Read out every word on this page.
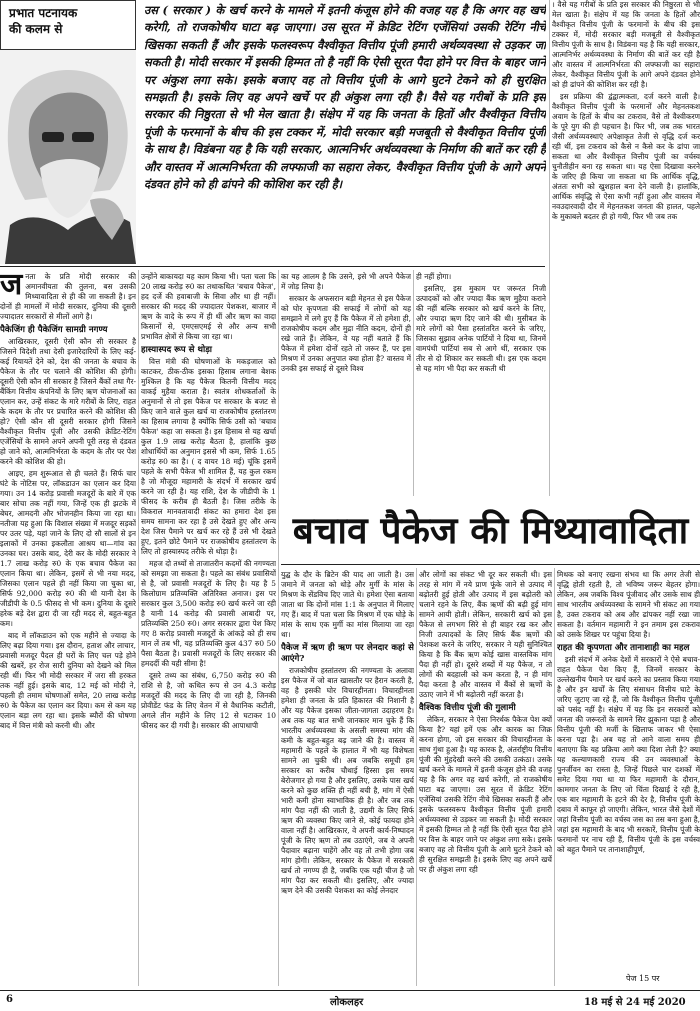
प्रभात पटनायक
की कलम से
उस ( सरकार ) के खर्च करने के मामले में इतनी कंजूस होने की वजह यह है कि अगर वह खर्च करेगी, तो राजकोषीय घाटा बढ़ जाएगा। उस सूरत में क्रेडिट रेटिंग एजेंसियां उसकी रेटिंग नीचे खिसका सकती हैं और इसके फलस्वरूप वैश्वीकृत वित्तीय पूंजी हमारी अर्थव्यवस्था से उड़कर जा सकती है। मोदी सरकार में इसकी हिम्मत तो है नहीं कि ऐसी सूरत पैदा होने पर वित्त के बाहर जाने पर अंकुश लगा सके। इसके बजाए वह तो वित्तीय पूंजी के आगे घुटने टेकने को ही सुरक्षित समझती है। इसके लिए वह अपने खर्चे पर ही अंकुश लगा रही है। वैसे यह गरीबों के प्रति इस सरकार की निष्ठुरता से भी मेल खाता है। संक्षेप में यह कि जनता के हितों और वैश्वीकृत वित्तीय पूंजी के फरमानों के बीच की इस टक्कर में, मोदी सरकार बड़ी मजबूती से वैश्वीकृत वित्तीय पूंजी के साथ है। विडंबना यह है कि यही सरकार, आत्मनिर्भर अर्थव्यवस्था के निर्माण की बातें कर रही है और वास्तव में आत्मनिर्भरता की लफ्फाजी का सहारा लेकर, वैश्वीकृत वित्तीय पूंजी के आगे अपने दंडवत होने को ही ढांपने की कोशिश कर रही है।

। वैसे यह गरीबों के प्रति इस सरकार की निष्ठुरता से भी मेल खाता है। संक्षेप में यह कि जनता के हितों और वैश्वीकृत वित्तीय पूंजी के फरमानों के बीच की इस टक्कर में, मोदी सरकार बड़ी मजबूती से वैश्वीकृत वित्तीय पूंजी के साथ है। विडंबना यह है कि यही सरकार, आत्मनिर्भर अर्थव्यवस्था के निर्माण की बातें कर रही है और वास्तव में आत्मनिर्भरता की लफ्फाजी का सहारा लेकर, वैश्वीकृत वित्तीय पूंजी के आगे अपने दंडवत होने को ही ढांपने की कोशिश कर रही है।

इस प्रक्रिया की द्वंद्वात्मकता, दर्ज करने वाली है। वैश्वीकृत वित्तीय पूंजी के फरमानों और मेहनतकश अवाम के हितों के बीच का टकराव, वैसे तो वैश्वीकरण के पूरे युग की ही पहचान है। फिर भी, जब तक भारत जैसी अर्थव्यवस्थाएं अपेक्षाकृत तेजी से वृद्धि दर्ज कर रही थीं, इस टकराव को कैसे न कैसे कर के ढांपा जा सकता था और वैश्वीकृत वित्तीय पूंजी का वर्चस्व चुनौतीहीन बना रह सकता था। यह ऐसा दिखावा करने के जरिए ही किया जा सकता था कि आर्थिक वृद्धि, अंततः सभी को खुशहाल बना देने वाली है। हालांकि, आर्थिक संवृद्धि से ऐसा कभी नहीं हुआ और वास्तव में नवउदारवादी दौर में मेहनतकश जनता की हालत, पहले के मुकाबले बदतर ही हो गयी, फिर भी जब तक

ज नता के प्रति मोदी सरकार की अमानवीयता की तुलना, बस उसकी मिथ्यावादिता से ही की जा सकती है। इन दोनों ही मामलों में मोदी सरकार, दुनिया की दूसरी ज्यादातर सरकारों से मीलों आगे है।

पैकेजिंग ही पैकेजिंग सामग्री नगण्य

आखिरकार, दूसरी ऐसी कौन सी सरकार है जिसने विदेशी तथा देसी इजारेदारियों के लिए कई-कई रियायतें देने को, देश की जनता के बचाव के पैकेज के तौर पर चलाने की कोशिश की होगी। दूसरी ऐसी कौन सी सरकार है जिसने बैंकों तथा गैर-बैंकिंग वित्तीय कंपनियों के लिए ऋण योजनाओं का एलान कर, उन्हें संकट के मारे गरीबों के लिए, राहत के कदम के तौर पर प्रचारित करने की कोशिश की हो? ऐसी कौन सी दूसरी सरकार होगी जिसने वैश्वीकृत वित्तीय पूंजी और उसकी क्रेडिट-रेटिंग एजेंसियों के सामने अपने अपनी पूरी तरह से दंडवत हो जाने को, आत्मनिर्भरता के कदम के तौर पर पेश करने की कोशिश की हो।

आइए, हम शुरूआत से ही चलते हैं। सिर्फ चार घंटे के नोटिस पर, लॉकडाउन का एलान कर दिया गया। उन 14 करोड़ प्रवासी मजदूरों के बारे में एक बार सोचा तक नहीं गया, जिन्हें एक ही झटके में बेघर, आमदनी और भोजनहीन किया जा रहा था। नतीजा यह हुआ कि विशाल संख्या में मजदूर सड़कों पर उतर पड़े, यहां जाने के लिए दो सौ सालों से इन इलाकों में उनका इकलौता आश्रय था—गांव का उनका घर। उसके बाद, देरी कर के मोदी सरकार ने 1.7 लाख करोड़ रु0 के एक बचाव पैकेज का एलान किया था। लेकिन, इसमें से भी नया मदद, जिसका एलान पहले ही नहीं किया जा चुका था, सिर्फ 92,000 करोड़ रु0 की थी यानी देश के जीडीपी के 0.5 फीसद से भी कम। दुनिया के दूसरे हरेक बड़े देश द्वारा दी जा रही मदद से, बहुत-बहुत कम।

बाद में लॉकडाउन को एक महीने से ज्यादा के लिए बढ़ा दिया गया। इस दौरान, हताश और लाचार, प्रवासी मजदूर पैदल ही घरों के लिए चल पड़े होने की खबरें, हर रोज सारी दुनिया को देखने को मिल रही थीं। फिर भी मोदी सरकार में जरा सी हरकत तक नहीं हुई। इसके बाद, 12 मई को मोदी ने, पहली ही तमाम घोषणाओं समेत, 20 लाख करोड़ रु0 के पैकेज का एलान कर दिया। कम से कम यह एलान बड़ा लग रहा था। इसके ब्यौरों की घोषणा बाद में वित्त मंत्री को करनी थी। और

उन्होंने बाकायदा यह काम किया भी। पता चला कि 20 लाख करोड़ रु0 का तथाकथित 'बचाव पैकेज', हद दर्जे की हवाबाजी के सिवा और था ही नहीं। सरकार की मदद की ज्यादातर पेशकश, बाजार में ऋण के वादे के रूप में ही थीं और ऋण का वादा किसानों से, एमएसएमई से और अन्य सभी प्रभावित क्षेत्रों से किया जा रहा था।

हास्यास्पद रूप से थोड़ा

वित्त मंत्री की घोषणाओं के मकड़जाल को काटकर, ठीक-ठीक इसका हिसाब लगाना बेशक मुश्किल है कि यह पैकेज कितनी वित्तीय मदद वाकई मुहैया कराता है। स्वतंत्र शोधकर्ताओं के अनुमानों से तो इस पैकेज पर सरकार के बजट से किए जाने वाले कुल खर्च या राजकोषीय हस्तांतरण का हिसाब लगाया है क्योंकि सिर्फ उसी को 'बचाव पैकेज' कहा जा सकता है। इस हिसाब से यह खर्चा कुल 1.9 लाख करोड़ बैठता है, हालांकि कुछ शोधार्थियों का अनुमान इससे भी कम, सिर्फ 1.65 करोड़ रु0 का है। ( द वायर 18 मई) चूंकि इसमें पहले के सभी पैकेज भी शामिल हैं, यह कुल रकम है जो मौजूदा महामारी के संदर्भ में सरकार खर्च करने जा रही है। यह राशि, देश के जीडीपी के 1 फीसद के करीब ही बैठती है। जिस तरीके के विकराल मानवतावादी संकट का हमारा देश इस समय सामना कर रहा है उसे देखते हुए और अन्य देश जिस पैमाने पर खर्च कर रहे हैं उसे भी देखते हुए, इतने छोटे पैमाने पर राजकोषीय हस्तांतरण के लिए तो हास्यास्पद तरीके से थोड़ा है।

महज दो तथ्यों से ताजातरीन कदमों की नगण्यता को समझा जा सकता है। पहले का संबंध प्रवासियों से है, जो प्रवासी मजदूरों के लिए है। यह है 5 किलोग्राम प्रतिव्यक्ति अतिरिक्त अनाज। इस पर सरकार कुल 3,500 करोड़ रु0 खर्च करने जा रही है यानी 14 करोड़ की प्रवासी आबादी पर, प्रतिव्यक्ति 250 रु0। अगर सरकार द्वारा पेश किए गए 8 करोड़ प्रवासी मजदूरों के आंकड़े को ही सच मान लें तब भी, यह प्रतिव्यक्ति कुल 437 रु0 50 पैसा बैठता है। प्रवासी मजदूरों के लिए सरकार की हमदर्दी की यही सीमा है!

दूसरे तथ्य का संबंध, 6,750 करोड़ रु0 की राशि से है, जो कथित रूप से उन 4.3 करोड़ मजदूरों की मदद के लिए दी जा रही है, जिनकी प्रोवीडेंट फंड के लिए वेतन में से वैधानिक कटौती, अगले तीन महीने के लिए 12 से घटाकर 10 फीसद कर दी गयी है। सरकार की आपाधापी

का यह आलम है कि उसने, इसे भी अपने पैकेज में जोड़ लिया है।

सरकार के अफसरान बड़ी मेहनत से इस पैकेज को घोर कृपणता की सफाई में लोगों को यह समझाने में लगे हुए हैं कि पैकेज में तो हमेशा ही, राजकोषीय कदम और मुद्रा नीति कदम, दोनों ही रखे जाते हैं। लेकिन, वे यह नहीं बताते हैं कि पैकेज में हमेशा दोनों रहते तो जरूर हैं, पर इस मिश्रण में उनका अनुपात क्या होता है? वास्तव में उनकी इस सफाई से दूसरे विश्व

ही नहीं होगा।

इसलिए, इस मुकाम पर जरूरत निजी उत्पादकों को और ज्यादा बैंक ऋण मुहैया कराने की नहीं बल्कि सरकार को खर्च करने के लिए, और ज्यादा ऋण दिए जाने की थी। मुसीबत के मारे लोगों को पैसा हस्तांतरित करने के जरिए, जिसका सुझाव अनेक पार्टियों ने दिया था, जिनमें वामपंथी पार्टियां सब से आगे थीं, सरकार एक तीर से दो शिकार कर सकती थी। इस एक कदम से यह मांग भी पैदा कर सकती थी

बचाव पैकेज की मिथ्यावादिता

युद्घ के दौर के ब्रिटेन की याद आ जाती है। उस जमाने में जनता को थोड़े और मुर्गी के मांस के मिश्रण के सेंडविच दिए जाते थे। हमेशा ऐसा बताया जाता था कि दोनों मांस 1:1 के अनुपात में मिलाए गए हैं। बाद में पता चला कि मिश्रण में एक घोड़े के मांस के साथ एक मुर्गी का मांस मिलाया जा रहा था।

पैकेज में ऋण ही ऋण पर लेनदार कहां से आएंगे?

राजकोषीय हस्तांतरण की नगण्यता के अलावा इस पैकेज में जो बात खासतौर पर हैरान करती है, वह है इसकी घोर विचारहीनता। विचारहीनता हमेशा ही जनता के प्रति हिकारत की निशानी है और यह पैकेज इसका जीता-जागता उदाहरण है। अब तक यह बात सभी जानकार मान चुके हैं कि भारतीय अर्थव्यवस्था के असली समस्या मांग की कमी के बहुत-बहुत बढ़ जाने की है। वास्तव में महामारी के पहले के हालात में भी यह विशेषता सामने आ चुकी थी। अब जबकि समूची हम सरकार का करीब चौथाई हिस्सा इस समय बेरोजगार हो गया है और इसलिए, उसके पास खर्च करने को कुछ शक्ति ही नहीं बची है, मांग में ऐसी भारी कमी होना स्वाभाविक ही है। और जब तक मांग पैदा नहीं की जाती है, उद्यमी के लिए सिर्फ ऋण की व्यवस्था किए जाने से, कोई फायदा होने वाला नहीं है। आखिरकार, वे अपनी कार्य-निष्पादन पूंजी के लिए ऋण तो तब उठाएंगे, जब वे अपनी पैदावार बढ़ाना चाहेंगे और वह तो तभी होगा जब मांग होगी। लेकिन, सरकार के पैकेज में सरकारी खर्च तो नगण्य ही है, जबकि एक यही चीज है जो मांग पैदा कर सकती थी। इसलिए, और ज्यादा ऋण देने की उसकी पेशकश का कोई लेनदार

और लोगों का संकट भी दूर कर सकती थी। इस तरह से मांग में नये प्राण फूंके जाने से उत्पाद में बढ़ोतरी हुई होती और उत्पाद में इस बढ़ोतरी को चलाने रहने के लिए, बैंक ऋणों की बढ़ी हुई मांग सामने आयी होती। लेकिन, सरकारी खर्च को इस पैकेज से लगभग सिरे से ही बाहर रख कर और निजी उत्पादकों के लिए सिर्फ बैंक ऋणों की पेशकश करने के जरिए, सरकार ने यही सुनिश्चित किया है कि बैंक ऋण कोई खास वास्तविक मांग पैदा ही नहीं हो। दूसरे शब्दों में यह पैकेज, न तो लोगों की बदहाली को कम करता है, न ही मांग पैदा करता है और वास्तव में बैंकों से ऋणों के उठाए जाने में भी बढ़ोतरी नहीं करता है।

वैश्विक वित्तीय पूंजी की गुलामी

लेकिन, सरकार ने ऐसा निरर्थक पैकेज पेश क्यों किया है? यहां हमें एक और कारक का जिक्र करना होगा, जो इस सरकार की विचारहीनता के साथ गुंथा हुआ है। यह कारक है, अंतर्राष्ट्रीय वित्तीय पूंजी की मुंहदेखी करने की उसकी उत्कंठा। उसके खर्च करने के मामले में इतनी कंजूस होने की वजह यह है कि अगर वह खर्च करेगी, तो राजकोषीय घाटा बढ़ जाएगा। उस सूरत में क्रेडिट रेटिंग एजेंसियां उसकी रेटिंग नीचे खिसका सकती हैं और इसके फलस्वरूप वैश्वीकृत वित्तीय पूंजी हमारी अर्थव्यवस्था से उड़कर जा सकती है। मोदी सरकार में इसकी हिम्मत तो है नहीं कि ऐसी सूरत पैदा होने पर वित्त के बाहर जाने पर अंकुश लगा सके। इसके बजाए वह तो वित्तीय पूंजी के आगे घुटने टेकने को ही सुरक्षित समझती है। इसके लिए वह अपने खर्चे पर ही अंकुश लगा रही

मिथक को बनाए रखना संभव था कि अगर तेजी से वृद्धि होती रहती है, तो भविष्य जरूर बेहतर होगा। लेकिन, अब जबकि विश्व पूंजीवाद और उसके साथ ही साथ भारतीय अर्थव्यवस्था के सामने भी संकट आ गया है, उक्त टकराव को अब और ढांपकर नहीं रखा जा सकता है। वर्तमान महामारी ने इन तमाम इस टकराव को उसके शिखर पर पहुंचा दिया है।

राहत की कृपणता और तानाशाही का महल

इसी संदर्भ में अनेक देशों में सरकारों ने ऐसे बचाव-राहत पैकेज पेश किए हैं, जिनमें सरकार के उल्लेखनीय पैमाने पर खर्च करने का प्रस्ताव किया गया है और इन खर्चों के लिए संसाधन वित्तीय घाटे के जरिए जुटाए जा रहे हैं, जो कि वैश्वीकृत वित्तीय पूंजी को पसंद नहीं है। संक्षेप में यह कि इन सरकारों को जनता की जरूरतों के सामने सिर झुकाना पड़ा है और वित्तीय पूंजी की मर्जी के खिलाफ जाकर भी ऐसा करना पड़ा है। अब यह तो आने वाला समय ही बताएगा कि यह प्रक्रिया आगे क्या दिशा लेती है? क्या यह कल्याणकारी राज्य की उन व्यवस्थाओं के पुनर्जीवन का रास्ता है, जिन्हें पिछले चार दशकों में समेट दिया गया था या फिर महामारी के दौरान, कामगार जनता के लिए जो चिंता दिखाई दे रही है, एक बार महामारी के हटने की देर है, वित्तीय पूंजी के दबाव में काफूर हो जाएगी। लेकिन, भारत जैसे देशों में जहां वित्तीय पूंजी का वर्चस्व जस का तस बना हुआ है, जहां इस महामारी के बाद भी सरकारें, वित्तीय पूंजी के फरमानों पर नाच रही हैं, वित्तीय पूंजी के इस वर्चस्व को बहुत पैमाने पर तानाशाहीपूर्ण,

पेज 15 पर
6	लोकलहर	18 मई से 24 मई 2020
